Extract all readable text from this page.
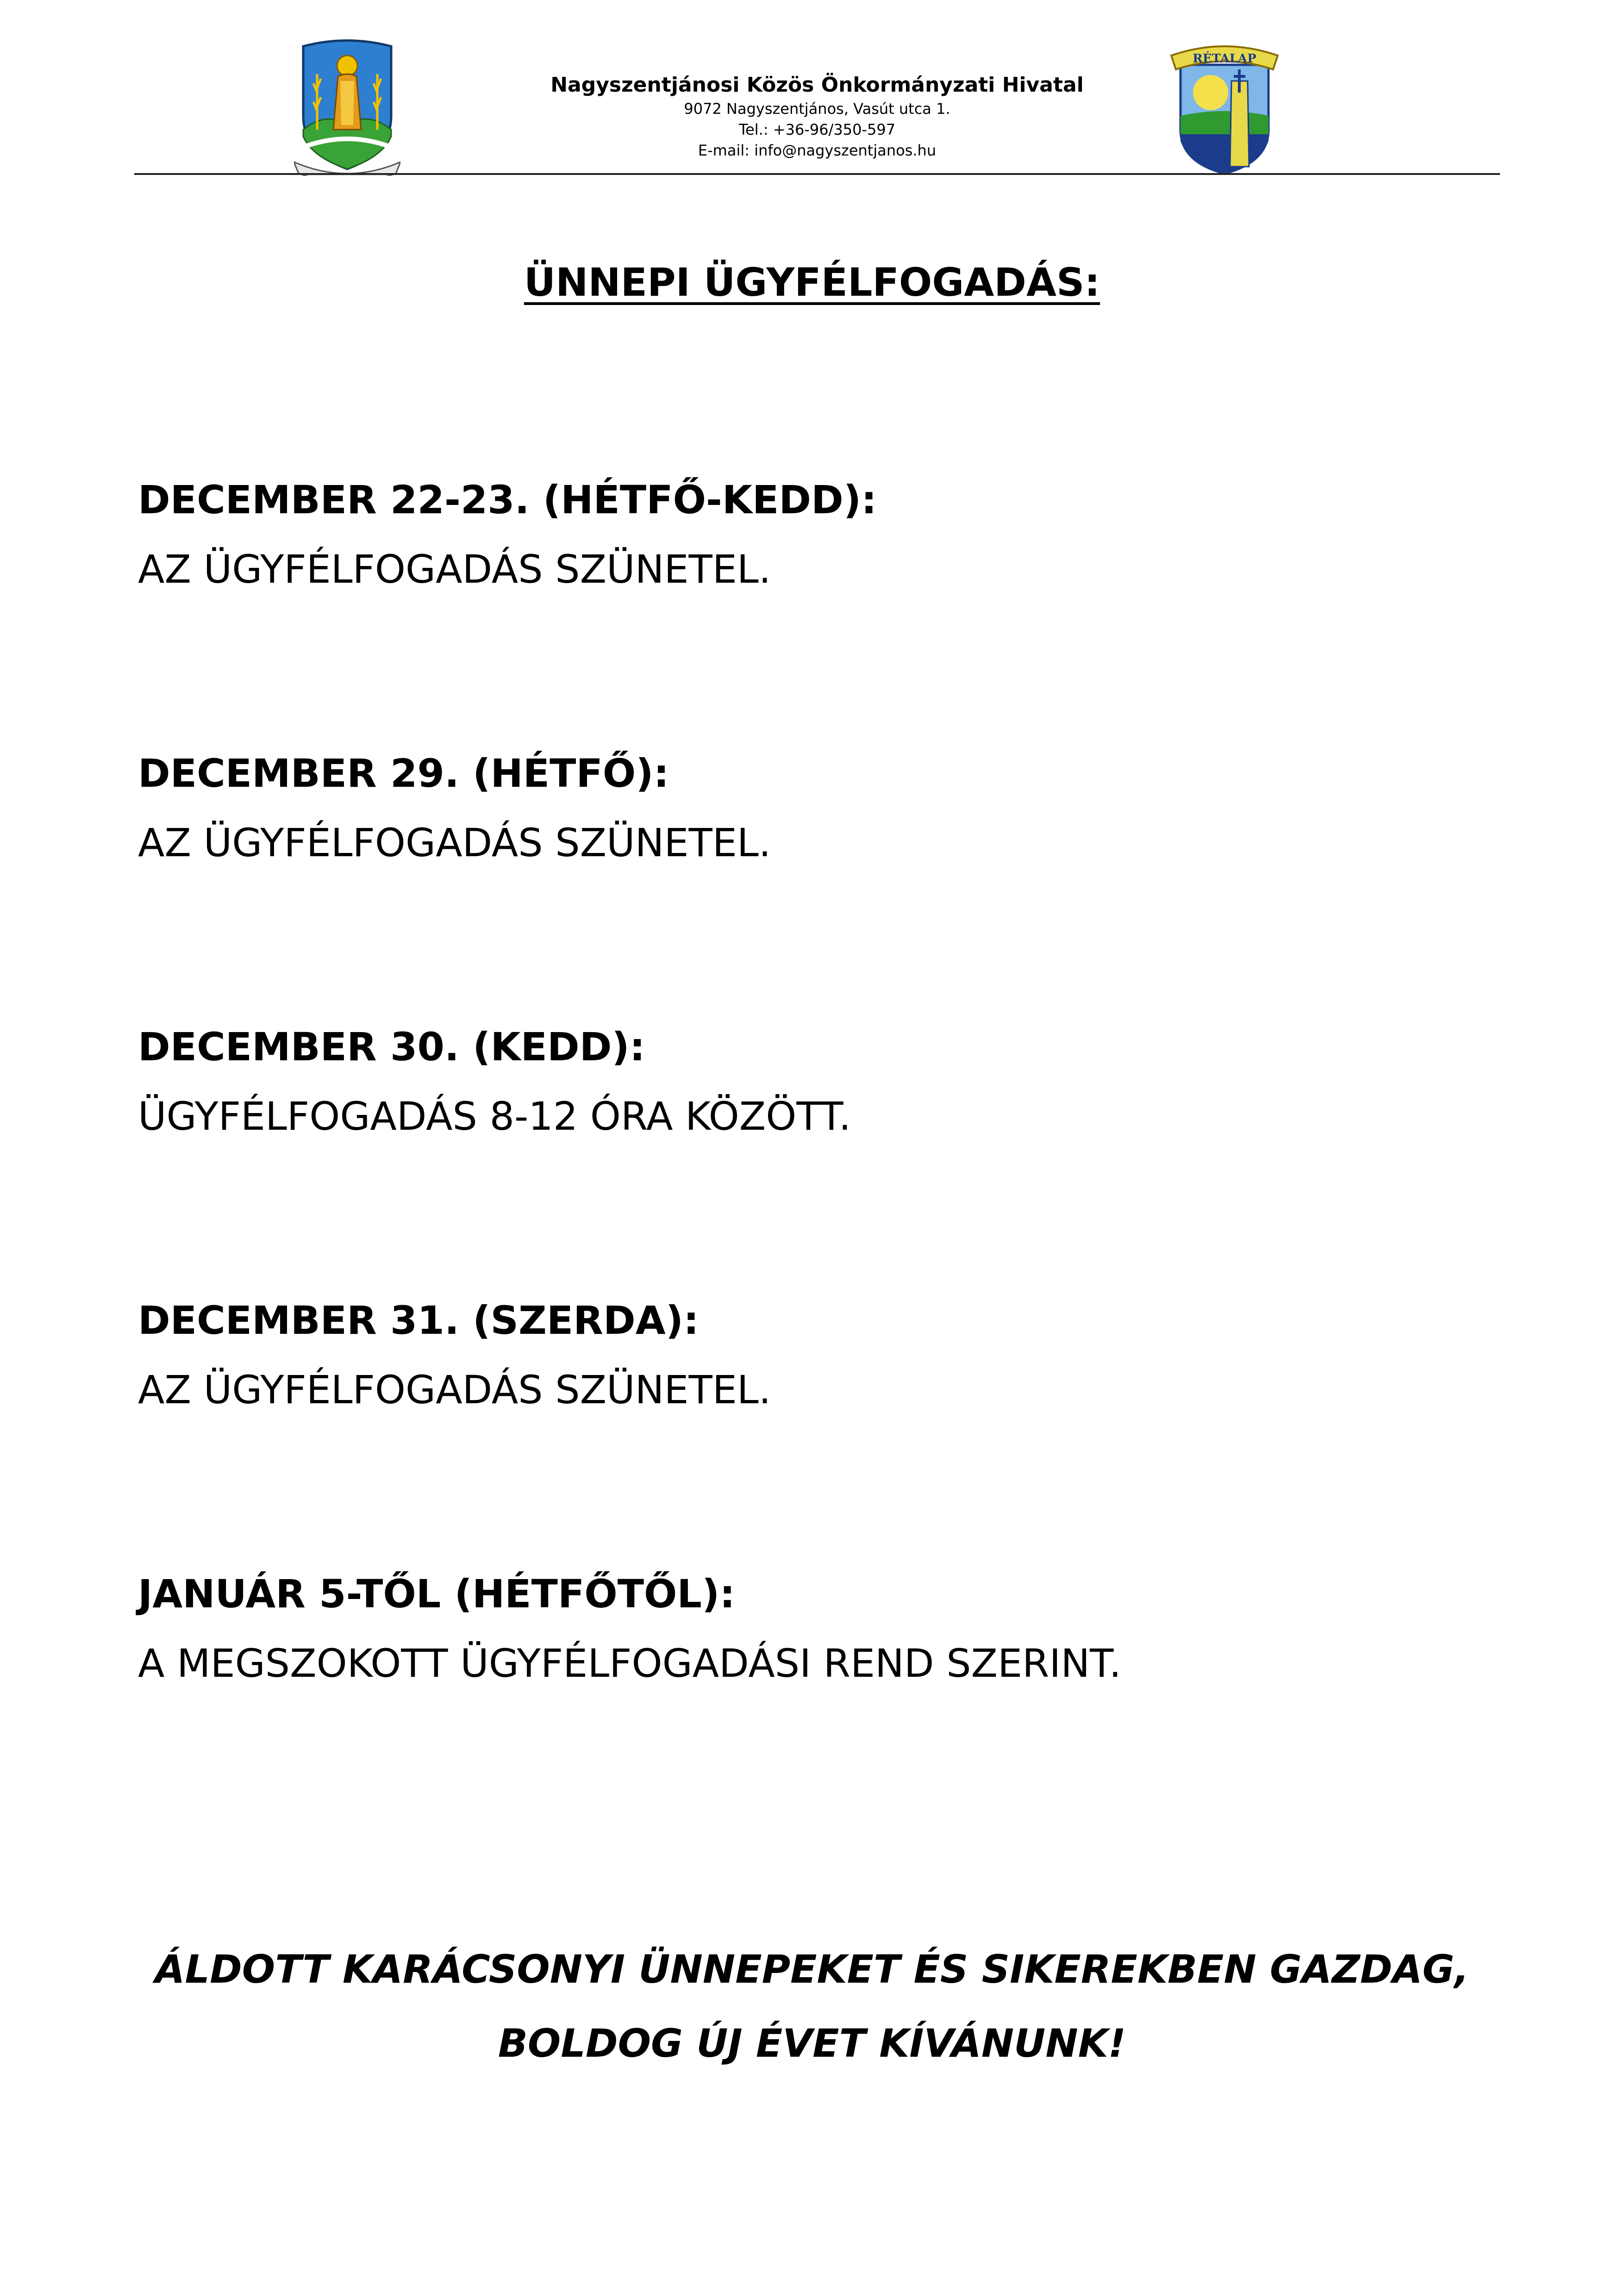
RÉTALAP
Nagyszentjánosi Közös Önkormányzati Hivatal
9072 Nagyszentjános, Vasút utca 1.
Tel.: +36-96/350-597
E-mail: info@nagyszentjanos.hu
ÜNNEPI ÜGYFÉLFOGADÁS:
DECEMBER 22-23. (HÉTFŐ-KEDD):
AZ ÜGYFÉLFOGADÁS SZÜNETEL.
DECEMBER 29. (HÉTFŐ):
AZ ÜGYFÉLFOGADÁS SZÜNETEL.
DECEMBER 30. (KEDD):
ÜGYFÉLFOGADÁS 8-12 ÓRA KÖZÖTT.
DECEMBER 31. (SZERDA):
AZ ÜGYFÉLFOGADÁS SZÜNETEL.
JANUÁR 5-TŐL (HÉTFŐTŐL):
A MEGSZOKOTT ÜGYFÉLFOGADÁSI REND SZERINT.
ÁLDOTT KARÁCSONYI ÜNNEPEKET ÉS SIKEREKBEN GAZDAG,
BOLDOG ÚJ ÉVET KÍVÁNUNK!
